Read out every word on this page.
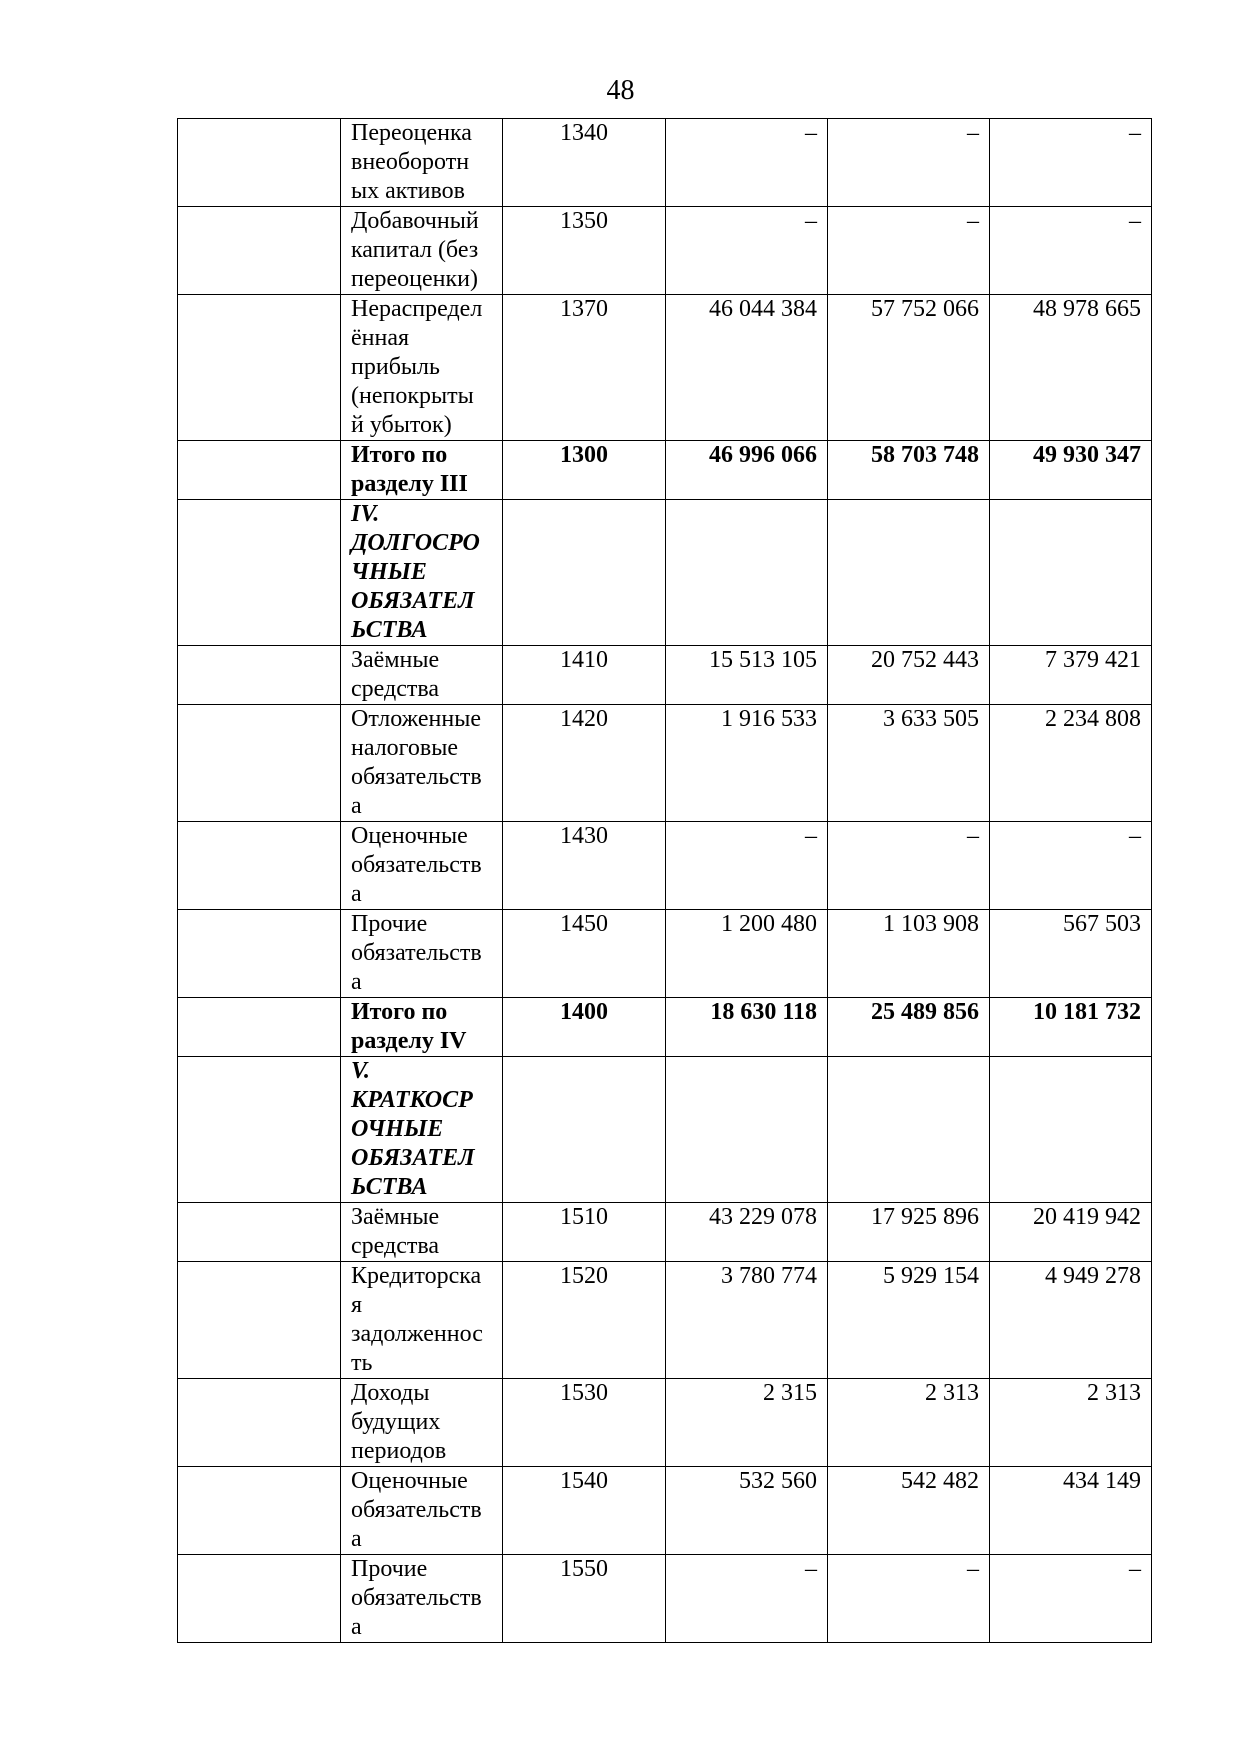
48
	Переоценка внеоборотн ых активов	1340	–	–	–
	Добавочный капитал (без переоценки)	1350	–	–	–
	Нераспредел ённая прибыль (непокрыты й убыток)	1370	46 044 384	57 752 066	48 978 665
	Итого по разделу III	1300	46 996 066	58 703 748	49 930 347
	IV. ДОЛГОСРО ЧНЫЕ ОБЯЗАТЕЛ ЬСТВА				
	Заёмные средства	1410	15 513 105	20 752 443	7 379 421
	Отложенные налоговые обязательств а	1420	1 916 533	3 633 505	2 234 808
	Оценочные обязательств а	1430	–	–	–
	Прочие обязательств а	1450	1 200 480	1 103 908	567 503
	Итого по разделу IV	1400	18 630 118	25 489 856	10 181 732
	V. КРАТКОСР ОЧНЫЕ ОБЯЗАТЕЛ ЬСТВА				
	Заёмные средства	1510	43 229 078	17 925 896	20 419 942
	Кредиторска я задолженнос ть	1520	3 780 774	5 929 154	4 949 278
	Доходы будущих периодов	1530	2 315	2 313	2 313
	Оценочные обязательств а	1540	532 560	542 482	434 149
	Прочие обязательств а	1550	–	–	–
